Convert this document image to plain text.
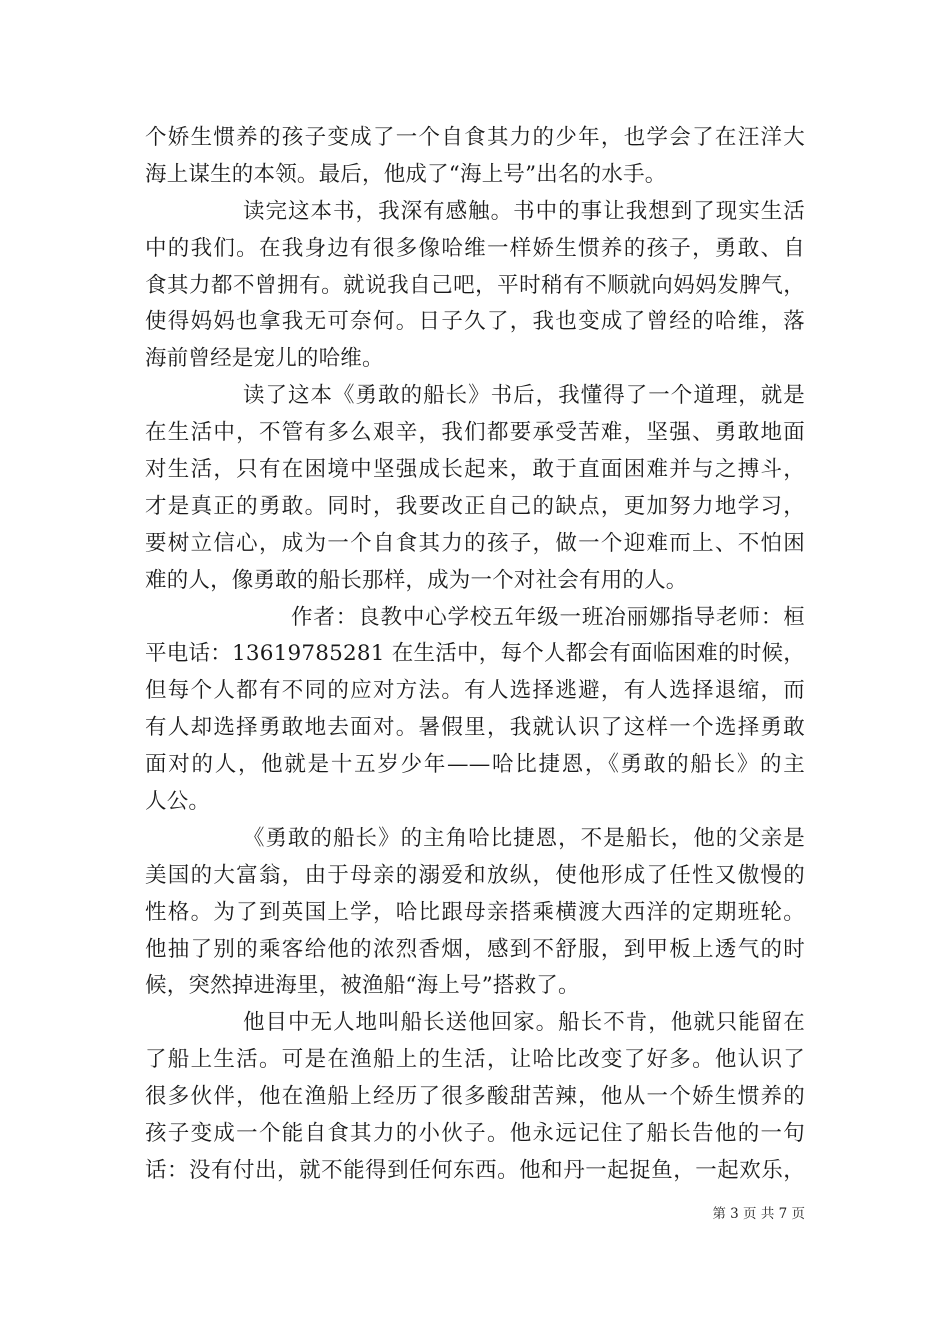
个娇生惯养的孩子变成了一个自食其力的少年，也学会了在汪洋大
海上谋生的本领。最后，他成了“海上号”出名的水手。
读完这本书，我深有感触。书中的事让我想到了现实生活
中的我们。在我身边有很多像哈维一样娇生惯养的孩子，勇敢、自
食其力都不曾拥有。就说我自己吧，平时稍有不顺就向妈妈发脾气，
使得妈妈也拿我无可奈何。日子久了，我也变成了曾经的哈维，落
海前曾经是宠儿的哈维。
读了这本《勇敢的船长》书后，我懂得了一个道理，就是
在生活中，不管有多么艰辛，我们都要承受苦难，坚强、勇敢地面
对生活，只有在困境中坚强成长起来，敢于直面困难并与之搏斗，
才是真正的勇敢。同时，我要改正自己的缺点，更加努力地学习，
要树立信心，成为一个自食其力的孩子，做一个迎难而上、不怕困
难的人，像勇敢的船长那样，成为一个对社会有用的人。
作者：良教中心学校五年级一班冶丽娜指导老师：桓
平电话：13619785281 在生活中，每个人都会有面临困难的时候，
但每个人都有不同的应对方法。有人选择逃避，有人选择退缩，而
有人却选择勇敢地去面对。暑假里，我就认识了这样一个选择勇敢
面对的人，他就是十五岁少年——哈比捷恩，《勇敢的船长》的主
人公。
《勇敢的船长》的主角哈比捷恩，不是船长，他的父亲是
美国的大富翁，由于母亲的溺爱和放纵，使他形成了任性又傲慢的
性格。为了到英国上学，哈比跟母亲搭乘横渡大西洋的定期班轮。
他抽了别的乘客给他的浓烈香烟，感到不舒服，到甲板上透气的时
候，突然掉进海里，被渔船“海上号”搭救了。
他目中无人地叫船长送他回家。船长不肯，他就只能留在
了船上生活。可是在渔船上的生活，让哈比改变了好多。他认识了
很多伙伴，他在渔船上经历了很多酸甜苦辣，他从一个娇生惯养的
孩子变成一个能自食其力的小伙子。他永远记住了船长告他的一句
话：没有付出，就不能得到任何东西。他和丹一起捉鱼，一起欢乐，
第 3 页 共 7 页
